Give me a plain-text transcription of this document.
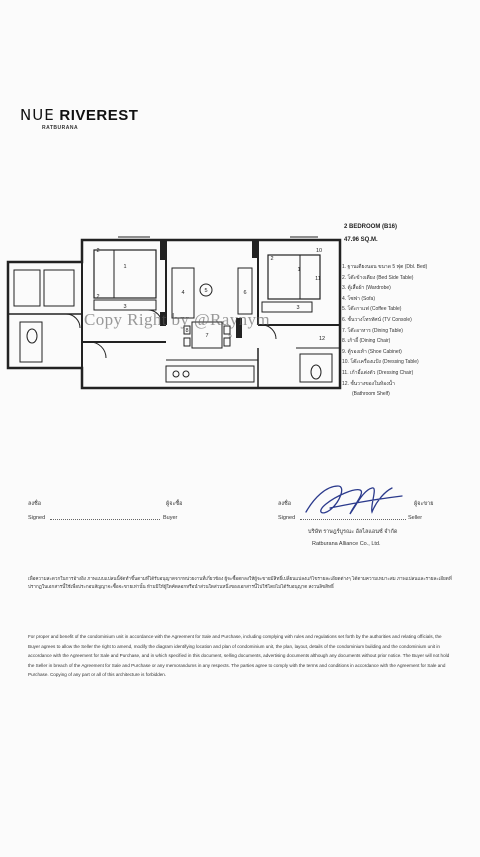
NUE RIVEREST
RATBURANA
2 BEDROOM (B16)
47.96 SQ.M.
1
2
2
3
4	5	6
7
8
9
1
2
10
11
3
12
Copy Right by @Raynym
1. ฐานเตียงนอน ขนาด 5 ฟุต (Dbl. Bed)
2. โต๊ะข้างเตียง (Bed Side Table)
3. ตู้เสื้อผ้า (Wardrobe)
4. โซฟา (Sofa)
5. โต๊ะกาแฟ (Coffee Table)
6. ชั้นวางโทรทัศน์ (TV Console)
7. โต๊ะอาหาร (Dining Table)
8. เก้าอี้ (Dining Chair)
9. ตู้รองเท้า (Shoe Cabinet)
10. โต๊ะเครื่องแป้ง (Dressing Table)
11. เก้าอี้แต่งตัว (Dressing Chair)
12. ชั้นวางของในห้องน้ำ
(Bathroom Shelf)
ลงชื่อ	ผู้จะซื้อ
Signed	Buyer
ลงชื่อ	ผู้จะขาย
Signed	Seller
บริษัท ราษฎร์บูรณะ อัลไลแอนซ์ จำกัด
Ratburana Alliance Co., Ltd.

เพื่อความสะดวกในการอ้างอิง ภาพแบบแปลนนี้จัดทำขึ้นตามที่ได้รับอนุญาตจากหน่วยงานที่เกี่ยวข้อง ผู้จะซื้อตกลงให้ผู้จะขายมีสิทธิ์เปลี่ยนแปลงแก้ไขรายละเอียดต่างๆ ได้ตามความเหมาะสม ภาพแปลนและรายละเอียดที่ปรากฏในเอกสารนี้ใช้เพื่อประกอบสัญญาจะซื้อจะขายเท่านั้น ห้ามมิให้ผู้ใดคัดลอกหรือนำส่วนใดส่วนหนึ่งของเอกสารนี้ไปใช้โดยไม่ได้รับอนุญาต สงวนลิขสิทธิ์

For proper and benefit of the condominium unit in accordance with the Agreement for Sale and Purchase, including complying with rules and regulations set forth by the authorities and relating officials, the Buyer agrees to allow the Seller the right to amend, modify the diagram identifying location and plan of condominium unit, the plan, layout, details of the condominium building and the condominium unit in accordance with the Agreement for Sale and Purchase, and in which specified in this document, selling documents, advertising documents although any documents without prior notice. The Buyer will not hold the Seller in breach of the Agreement for Sale and Purchase or any memorandums in any respects. The parties agree to comply with the terms and conditions in accordance with the Agreement for Sale and Purchase. Copying of any part or all of this architecture is forbidden.
